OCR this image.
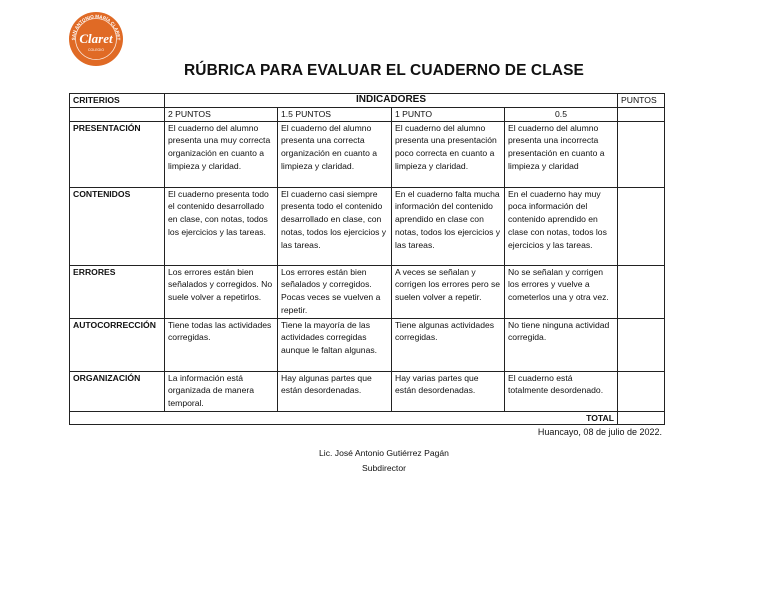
SAN ANTONIO MARÍA CLARET
Claret
COLEGIO
RÚBRICA PARA EVALUAR EL CUADERNO DE CLASE
CRITERIOS	INDICADORES				PUNTOS
	2 PUNTOS	1.5 PUNTOS	1 PUNTO	0.5	
PRESENTACIÓN	El cuaderno del alumno presenta una muy correcta organización en cuanto a limpieza y claridad.	El cuaderno del alumno presenta una correcta organización en cuanto a limpieza y claridad.	El cuaderno del alumno presenta una presentación poco correcta en cuanto a limpieza y claridad.	El cuaderno del alumno presenta una incorrecta presentación en cuanto a limpieza y claridad	
CONTENIDOS	El cuaderno presenta todo el contenido desarrollado en clase, con notas, todos los ejercicios y las tareas.	El cuaderno casi siempre presenta todo el contenido desarrollado en clase, con notas, todos los ejercicios y las tareas.	En el cuaderno falta mucha información del contenido aprendido en clase con notas, todos los ejercicios y las tareas.	En el cuaderno hay muy poca información del contenido aprendido en clase con notas, todos los ejercicios y las tareas.	
ERRORES	Los errores están bien señalados y corregidos. No suele volver a repetirlos.	Los errores están bien señalados y corregidos. Pocas veces se vuelven a repetir.	A veces se señalan y corrigen los errores pero se suelen volver a repetir.	No se señalan y corrigen los errores y vuelve a cometerlos una y otra vez.	
AUTOCORRECCIÓN	Tiene todas las actividades corregidas.	Tiene la mayoría de las actividades corregidas aunque le faltan algunas.	Tiene algunas actividades corregidas.	No tiene ninguna actividad corregida.	
ORGANIZACIÓN	La información está organizada de manera temporal.	Hay algunas partes que están desordenadas.	Hay varias partes que están desordenadas.	El cuaderno está totalmente desordenado.	
TOTAL					
Huancayo, 08 de julio de 2022.
Lic. José Antonio Gutiérrez Pagán
Subdirector
